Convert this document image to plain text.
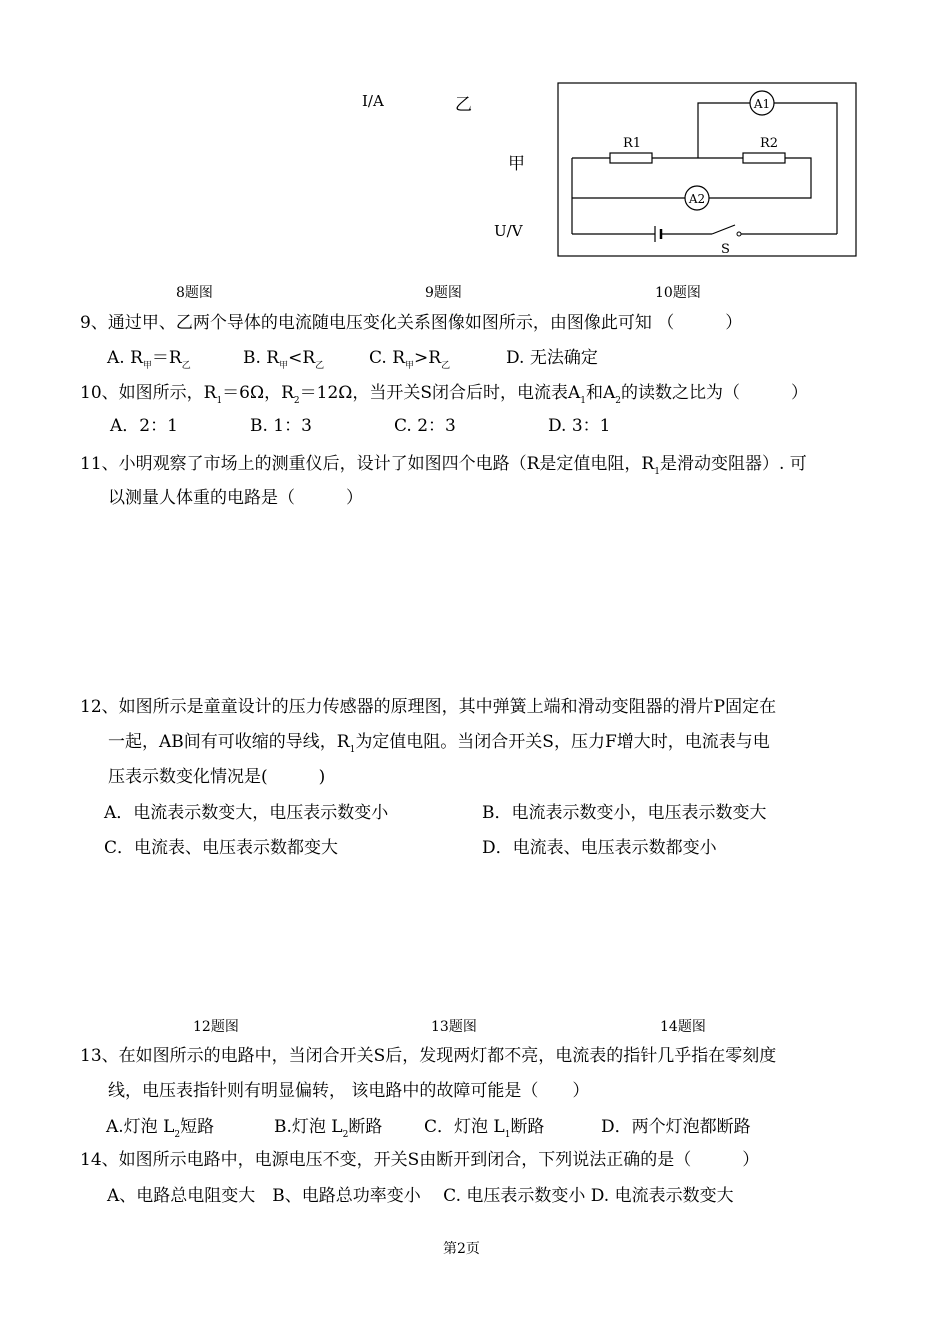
I/A	乙
甲
U/V
A1
R1	R2
A2
S
8题图	9题图	10题图
9、通过甲、乙两个导体的电流随电压变化关系图像如图所示，由图像此可知 （　　　）
A. $R_甲=R_乙$	B. $R_甲<R_乙$	C. $R_甲>R_乙$	D. 无法确定
10、如图所示，$R_1=6\Omega$，$R_2=12\Omega$，当开关S闭合后时，电流表$A_1$和$A_2$的读数之比为（　　　）
A．2：1	B. 1：3	C. 2：3	D. 3：1
11、小明观察了市场上的测重仪后，设计了如图四个电路（R是定值电阻，$R_1$是滑动变阻器）. 可
以测量人体重的电路是（　　　）
12、如图所示是童童设计的压力传感器的原理图，其中弹簧上端和滑动变阻器的滑片P固定在
一起，AB间有可收缩的导线，$R_1$为定值电阻。当闭合开关S，压力F增大时，电流表与电
压表示数变化情况是(　　　)
A．电流表示数变大，电压表示数变小	B．电流表示数变小，电压表示数变大
C．电流表、电压表示数都变大	D．电流表、电压表示数都变小
12题图	13题图	14题图
13、在如图所示的电路中，当闭合开关S后，发现两灯都不亮，电流表的指针几乎指在零刻度
线，电压表指针则有明显偏转， 该电路中的故障可能是（　　）
A.灯泡 $L_2$短路	B.灯泡 $L_2$断路 C．灯泡 $L_1$断路	D．两个灯泡都断路
14、如图所示电路中，电源电压不变，开关S由断开到闭合，下列说法正确的是（　　　）
A、电路总电阻变大　B、电路总功率变小　 C. 电压表示数变小 D. 电流表示数变大
第2页
